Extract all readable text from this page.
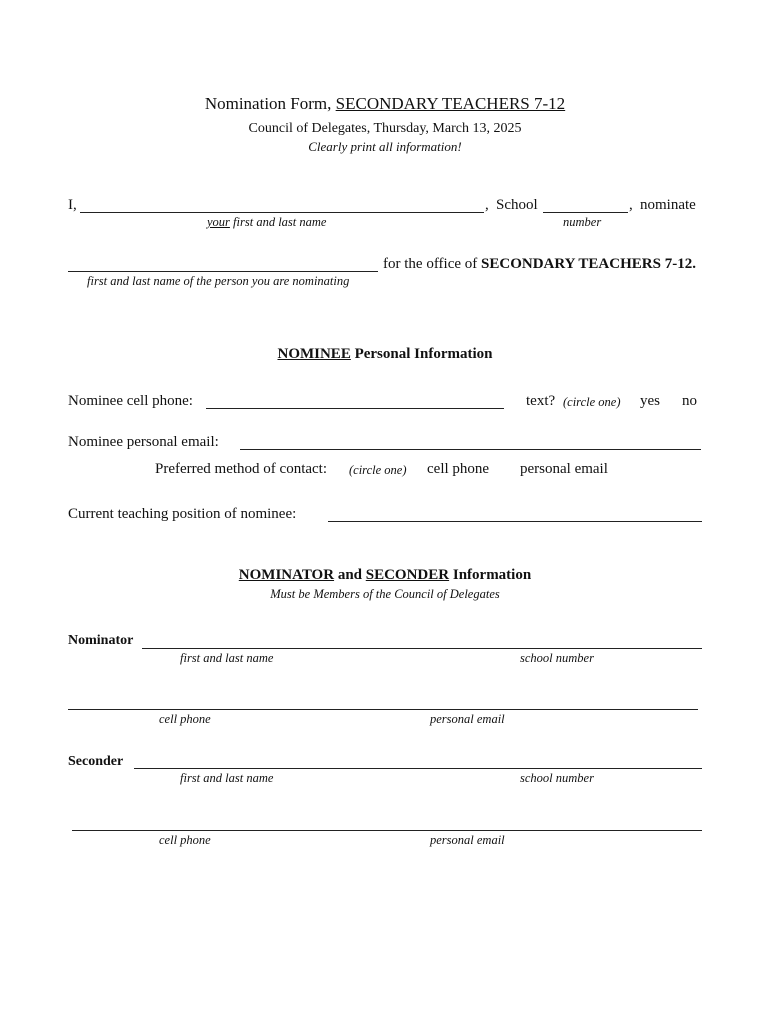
Nomination Form, SECONDARY TEACHERS 7-12
Council of Delegates, Thursday, March 13, 2025
Clearly print all information!
I,	, School	, nominate
your first and last name	number
for the office of SECONDARY TEACHERS 7-12.
first and last name of the person you are nominating
NOMINEE Personal Information
Nominee cell phone:	text? (circle one) yes no
Nominee personal email:
Preferred method of contact: (circle one) cell phone personal email
Current teaching position of nominee:
NOMINATOR and SECONDER Information
Must be Members of the Council of Delegates
Nominator
first and last name	school number
cell phone	personal email
Seconder
first and last name	school number
cell phone	personal email
